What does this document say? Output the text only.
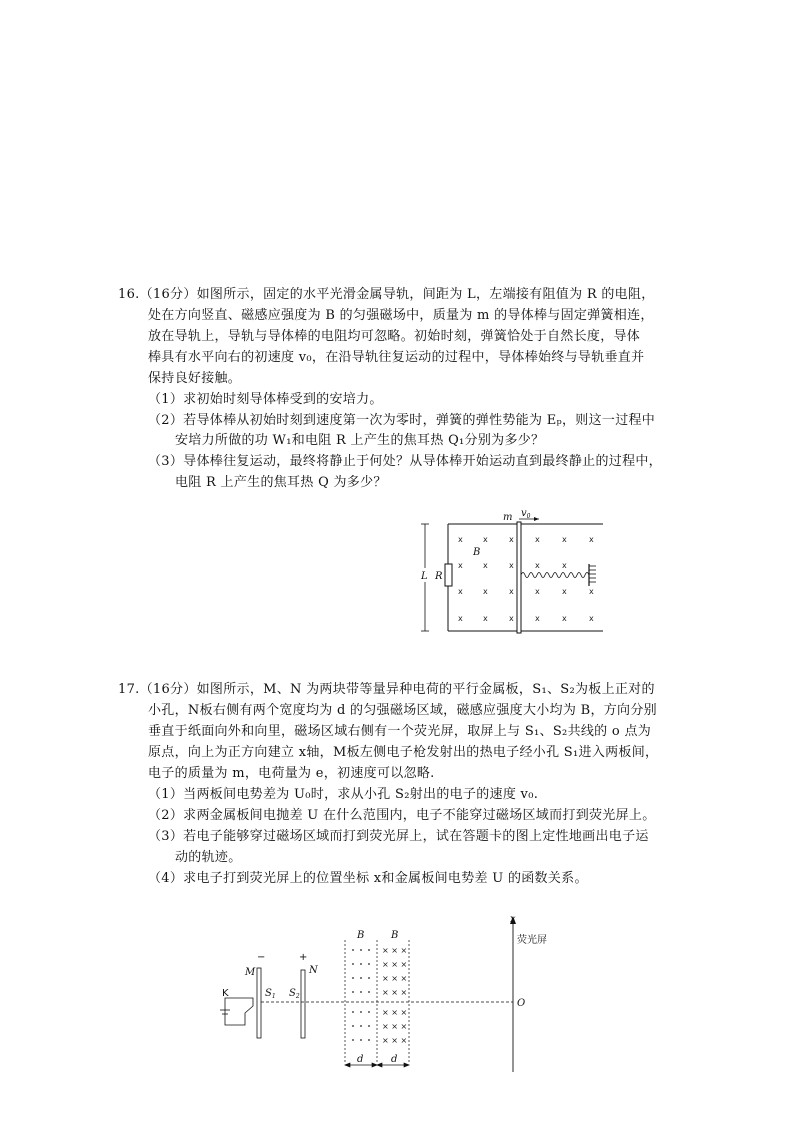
16.（16分）如图所示，固定的水平光滑金属导轨，间距为 L，左端接有阻值为 R 的电阻，
处在方向竖直、磁感应强度为 B 的匀强磁场中，质量为 m 的导体棒与固定弹簧相连，
放在导轨上，导轨与导体棒的电阻均可忽略。初始时刻，弹簧恰处于自然长度，导体
棒具有水平向右的初速度 v₀，在沿导轨往复运动的过程中，导体棒始终与导轨垂直并
保持良好接触。
（1）求初始时刻导体棒受到的安培力。
（2）若导体棒从初始时刻到速度第一次为零时，弹簧的弹性势能为 Eₚ，则这一过程中
安培力所做的功 W₁和电阻 R 上产生的焦耳热 Q₁分别为多少？
（3）导体棒往复运动，最终将静止于何处？从导体棒开始运动直到最终静止的过程中，
电阻 R 上产生的焦耳热 Q 为多少？
R
L
m $v_0$
B
x	x	x	x	x	x
x	x	x	x	x
x	x	x	x	x	x
x	x	x	x	x	x
17.（16分）如图所示，M、N 为两块带等量异种电荷的平行金属板，S₁、S₂为板上正对的
小孔，N板右侧有两个宽度均为 d 的匀强磁场区域，磁感应强度大小均为 B，方向分别
垂直于纸面向外和向里，磁场区域右侧有一个荧光屏，取屏上与 S₁、S₂共线的 o 点为
原点，向上为正方向建立 x轴，M板左侧电子枪发射出的热电子经小孔 S₁进入两板间，
电子的质量为 m，电荷量为 e，初速度可以忽略.
（1）当两板间电势差为 U₀时，求从小孔 S₂射出的电子的速度 v₀.
（2）求两金属板间电抛差 U 在什么范围内，电子不能穿过磁场区域而打到荧光屏上。
（3）若电子能够穿过磁场区域而打到荧光屏上，试在答题卡的图上定性地画出电子运
动的轨迹。
（4）求电子打到荧光屏上的位置坐标 x和金属板间电势差 U 的函数关系。
K
M
−
$S_1$
N
+
$S_2$
B	B
× × ×
× × ×
× × ×
× × ×
× × ×
× × ×
× × ×
d	d
x
荧光屏
O
